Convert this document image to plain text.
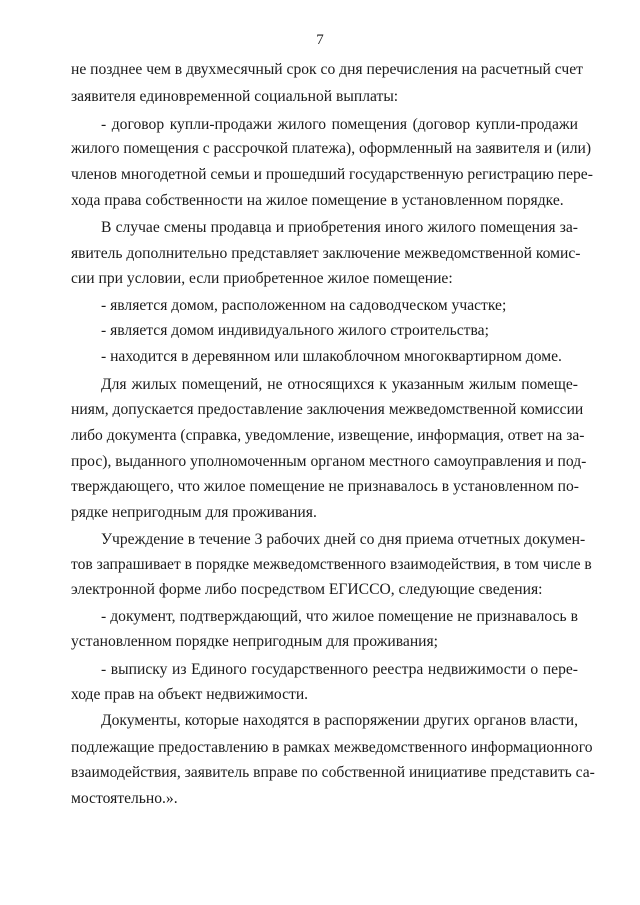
7
не позднее чем в двухмесячный срок со дня перечисления на расчетный счет
заявителя единовременной социальной выплаты:
- договор купли-продажи жилого помещения (договор купли-продажи
жилого помещения с рассрочкой платежа), оформленный на заявителя и (или)
членов многодетной семьи и прошедший государственную регистрацию пере-
хода права собственности на жилое помещение в установленном порядке.
В случае смены продавца и приобретения иного жилого помещения за-
явитель дополнительно представляет заключение межведомственной комис-
сии при условии, если приобретенное жилое помещение:
- является домом, расположенном на садоводческом участке;
- является домом индивидуального жилого строительства;
- находится в деревянном или шлакоблочном многоквартирном доме.
Для жилых помещений, не относящихся к указанным жилым помеще-
ниям, допускается предоставление заключения межведомственной комиссии
либо документа (справка, уведомление, извещение, информация, ответ на за-
прос), выданного уполномоченным органом местного самоуправления и под-
тверждающего, что жилое помещение не признавалось в установленном по-
рядке непригодным для проживания.
Учреждение в течение 3 рабочих дней со дня приема отчетных докумен-
тов запрашивает в порядке межведомственного взаимодействия, в том числе в
электронной форме либо посредством ЕГИССО, следующие сведения:
- документ, подтверждающий, что жилое помещение не признавалось в
установленном порядке непригодным для проживания;
- выписку из Единого государственного реестра недвижимости о пере-
ходе прав на объект недвижимости.
Документы, которые находятся в распоряжении других органов власти,
подлежащие предоставлению в рамках межведомственного информационного
взаимодействия, заявитель вправе по собственной инициативе представить са-
мостоятельно.».
